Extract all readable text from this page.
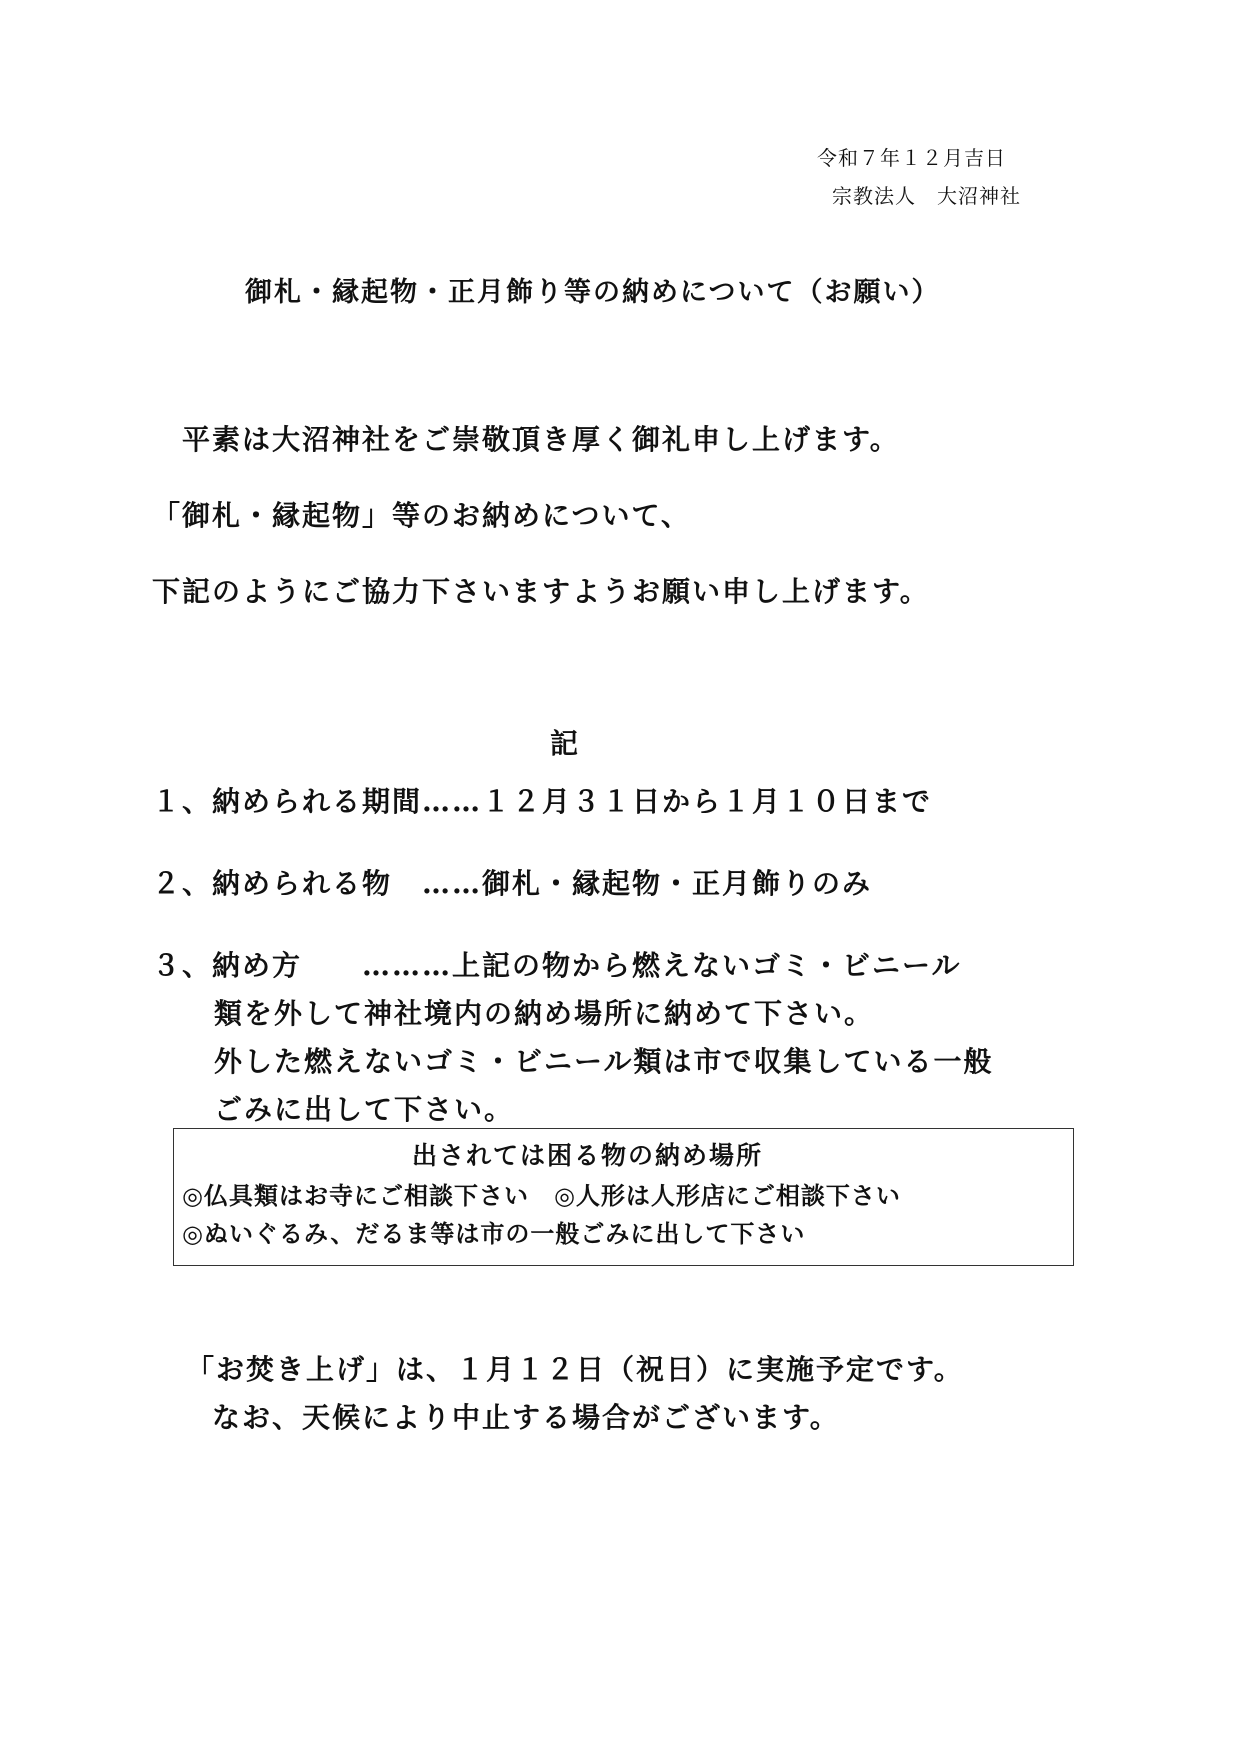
令和７年１２月吉日
宗教法人　大沼神社
御札・縁起物・正月飾り等の納めについて（お願い）
平素は大沼神社をご崇敬頂き厚く御礼申し上げます。
「御札・縁起物」等のお納めについて、
下記のようにご協力下さいますようお願い申し上げます。
記
１、納められる期間……１２月３１日から１月１０日まで
２、納められる物　……御札・縁起物・正月飾りのみ
３、納め方　　………上記の物から燃えないゴミ・ビニール
類を外して神社境内の納め場所に納めて下さい。
外した燃えないゴミ・ビニール類は市で収集している一般
ごみに出して下さい。
出されては困る物の納め場所
◎仏具類はお寺にご相談下さい　◎人形は人形店にご相談下さい
◎ぬいぐるみ、だるま等は市の一般ごみに出して下さい
「お焚き上げ」は、１月１２日（祝日）に実施予定です。
なお、天候により中止する場合がございます。
